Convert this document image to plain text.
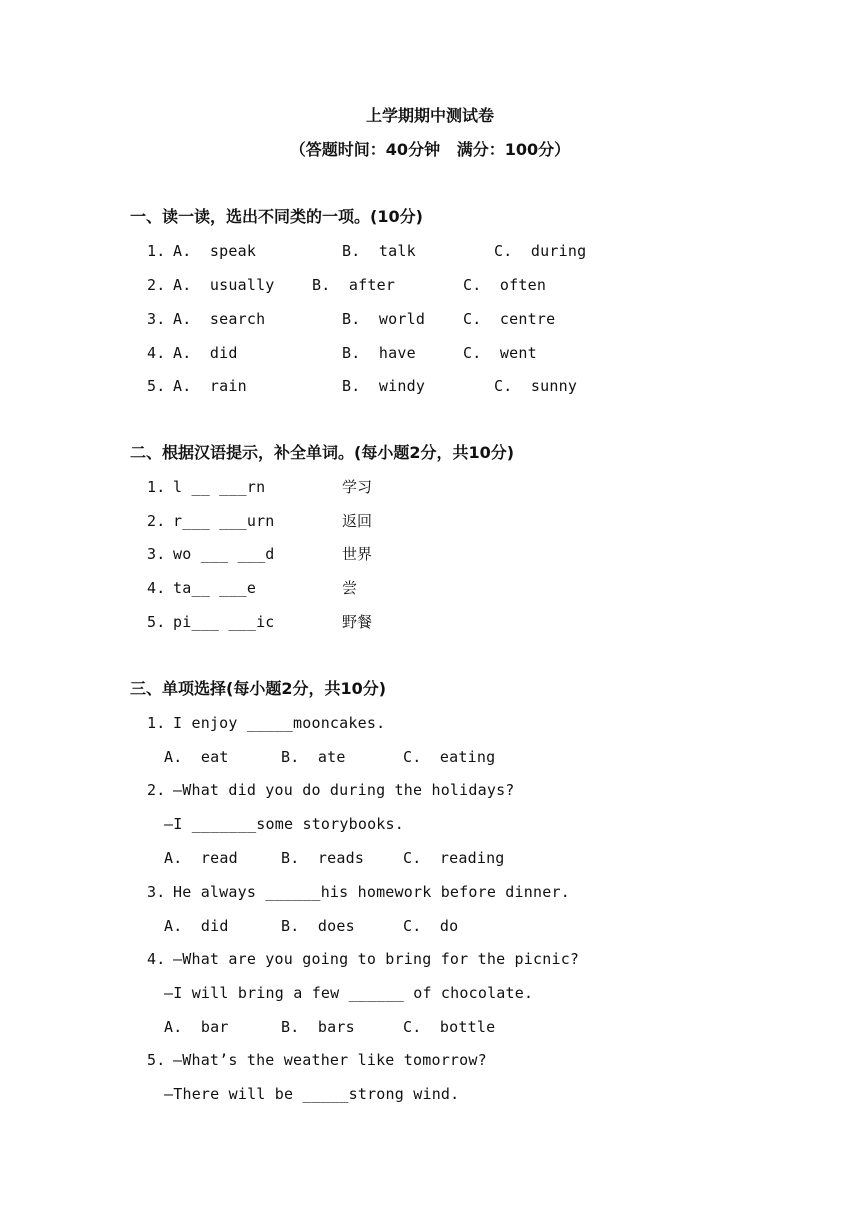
上学期期中测试卷
（答题时间：40分钟   满分：100分）
一、读一读，选出不同类的一项。(10分)
1. A.  speak	B.  talk	C.  during
2. A.  usually B.  after	C.  often
3. A.  search	B.  world	C.  centre
4. A.  did	B.  have	C.  went
5. A.  rain	B.  windy	C.  sunny
二、根据汉语提示，补全单词。(每小题2分，共10分)
1. l __ ___rn	学习
2. r___ ___urn	返回
3. wo ___ ___d	世界
4. ta__ ___e	尝
5. pi___ ___ic	野餐
三、单项选择(每小题2分，共10分)
1. I enjoy _____mooncakes.
A.  eat	B.  ate	C.  eating
2. —What did you do during the holidays?
—I _______some storybooks.
A.  read	B.  reads	C.  reading
3. He always ______his homework before dinner.
A.  did	B.  does	C.  do
4. —What are you going to bring for the picnic?
—I will bring a few ______ of chocolate.
A.  bar	B.  bars	C.  bottle
5. —What’s the weather like tomorrow?
—There will be _____strong wind.
